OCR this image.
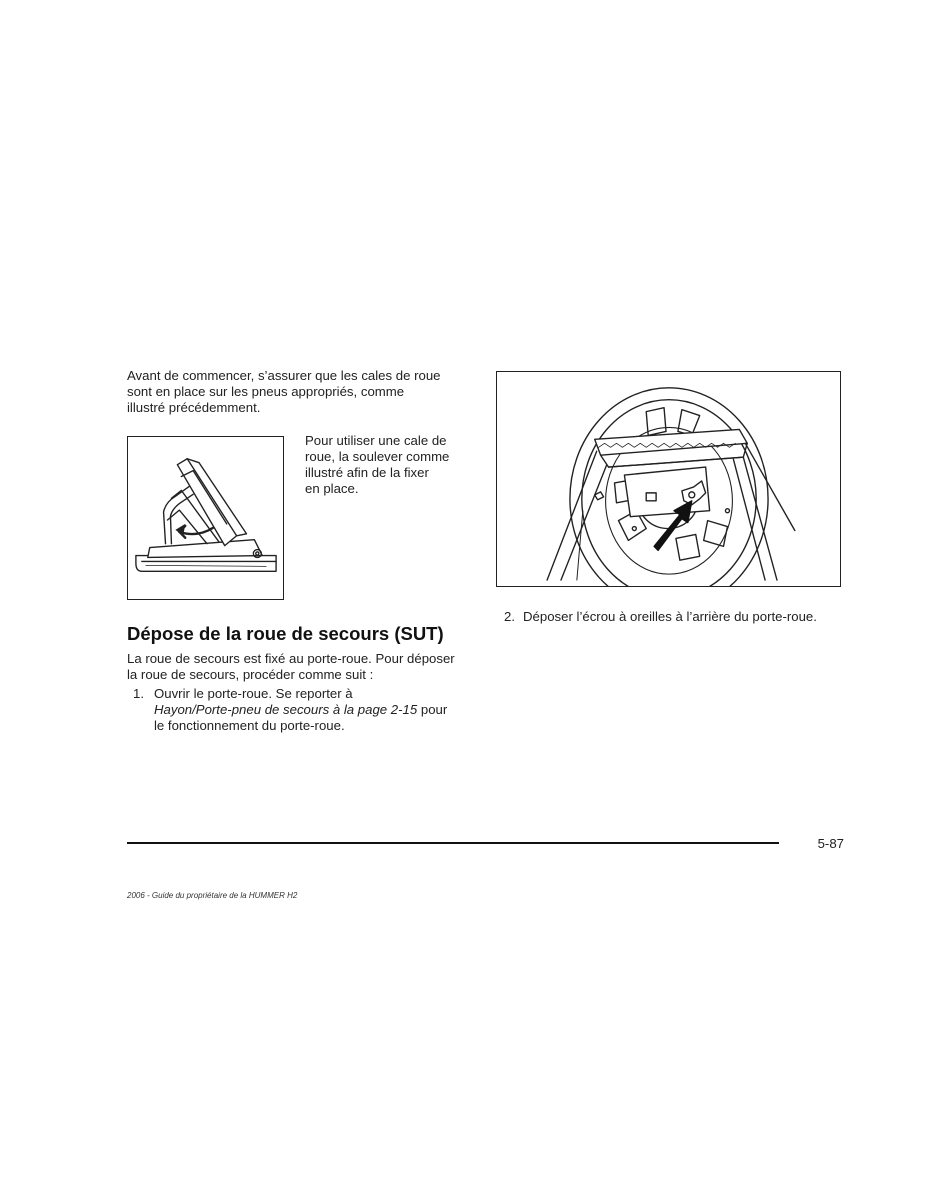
Avant de commencer, s’assurer que les cales de roue
sont en place sur les pneus appropriés, comme
illustré précédemment.
Pour utiliser une cale de
roue, la soulever comme
illustré afin de la fixer
en place.
Dépose de la roue de secours (SUT)
La roue de secours est fixé au porte-roue. Pour déposer
la roue de secours, procéder comme suit :
1. Ouvrir le porte-roue. Se reporter à
Hayon/Porte-pneu de secours à la page 2-15 pour
le fonctionnement du porte-roue.
2. Déposer l’écrou à oreilles à l’arrière du porte-roue.
5-87
2006 - Guide du propriétaire de la HUMMER H2
